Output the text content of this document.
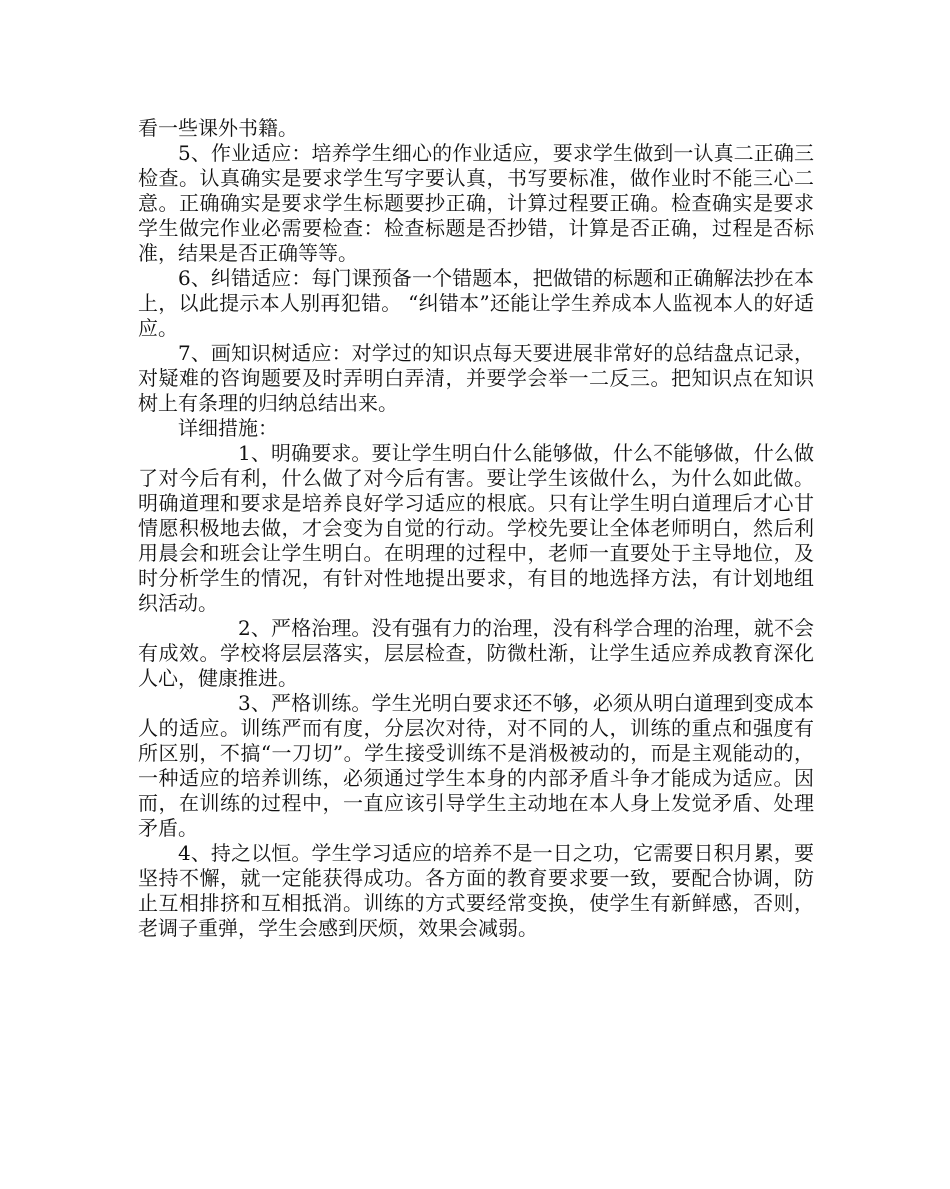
看一些课外书籍。

5、作业适应：培养学生细心的作业适应，要求学生做到一认真二正确三检查。认真确实是要求学生写字要认真，书写要标准，做作业时不能三心二意。正确确实是要求学生标题要抄正确，计算过程要正确。检查确实是要求学生做完作业必需要检查：检查标题是否抄错，计算是否正确，过程是否标准，结果是否正确等等。

6、纠错适应：每门课预备一个错题本，把做错的标题和正确解法抄在本上，以此提示本人别再犯错。 “纠错本”还能让学生养成本人监视本人的好适应。

7、画知识树适应：对学过的知识点每天要进展非常好的总结盘点记录，对疑难的咨询题要及时弄明白弄清，并要学会举一二反三。把知识点在知识树上有条理的归纳总结出来。

详细措施：

1、明确要求。要让学生明白什么能够做，什么不能够做，什么做了对今后有利，什么做了对今后有害。要让学生该做什么，为什么如此做。明确道理和要求是培养良好学习适应的根底。只有让学生明白道理后才心甘情愿积极地去做，才会变为自觉的行动。学校先要让全体老师明白，然后利用晨会和班会让学生明白。在明理的过程中，老师一直要处于主导地位，及时分析学生的情况，有针对性地提出要求，有目的地选择方法，有计划地组织活动。

2、严格治理。没有强有力的治理，没有科学合理的治理，就不会有成效。学校将层层落实，层层检查，防微杜渐，让学生适应养成教育深化人心，健康推进。

3、严格训练。学生光明白要求还不够，必须从明白道理到变成本人的适应。训练严而有度，分层次对待，对不同的人，训练的重点和强度有所区别，不搞“一刀切”。学生接受训练不是消极被动的，而是主观能动的，一种适应的培养训练，必须通过学生本身的内部矛盾斗争才能成为适应。因而，在训练的过程中，一直应该引导学生主动地在本人身上发觉矛盾、处理矛盾。

4、持之以恒。学生学习适应的培养不是一日之功，它需要日积月累，要坚持不懈，就一定能获得成功。各方面的教育要求要一致，要配合协调，防止互相排挤和互相抵消。训练的方式要经常变换，使学生有新鲜感，否则，老调子重弹，学生会感到厌烦，效果会减弱。
